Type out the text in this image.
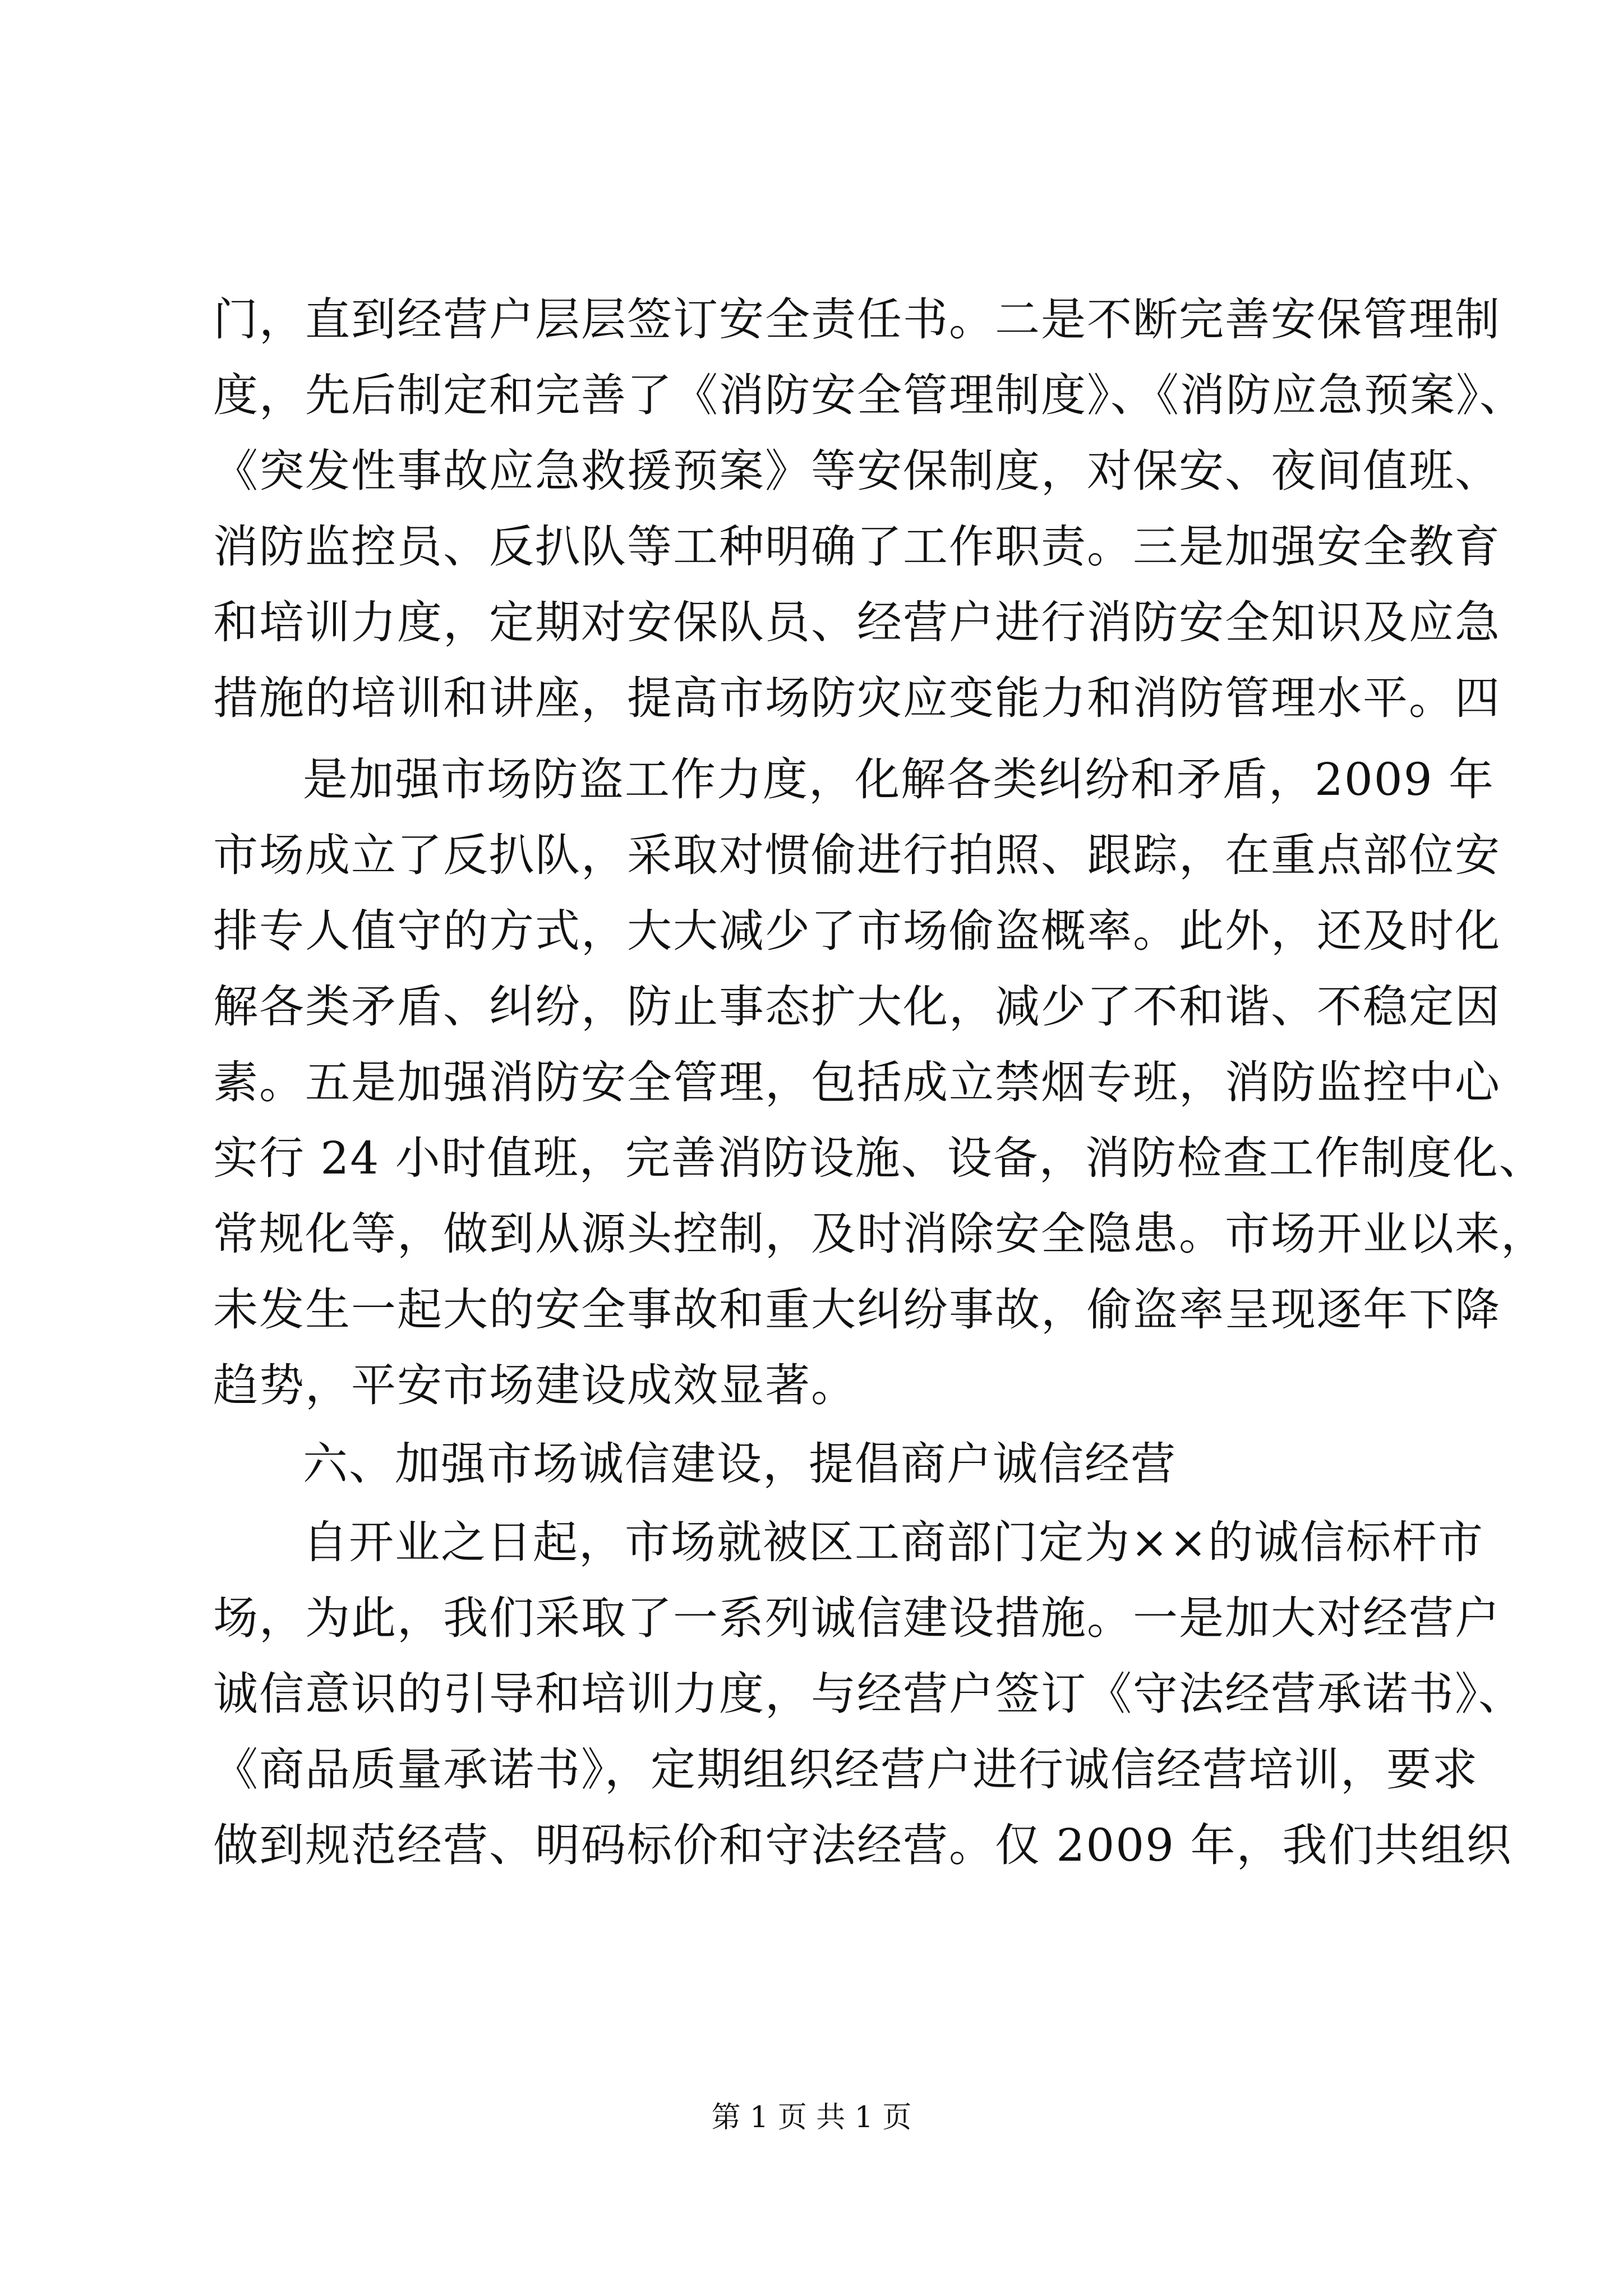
门，直到经营户层层签订安全责任书。二是不断完善安保管理制
度，先后制定和完善了《消防安全管理制度》、《消防应急预案》、
《突发性事故应急救援预案》等安保制度，对保安、夜间值班、
消防监控员、反扒队等工种明确了工作职责。三是加强安全教育
和培训力度，定期对安保队员、经营户进行消防安全知识及应急
措施的培训和讲座，提高市场防灾应变能力和消防管理水平。四
是加强市场防盗工作力度，化解各类纠纷和矛盾，2009 年
市场成立了反扒队，采取对惯偷进行拍照、跟踪，在重点部位安
排专人值守的方式，大大减少了市场偷盗概率。此外，还及时化
解各类矛盾、纠纷，防止事态扩大化，减少了不和谐、不稳定因
素。五是加强消防安全管理，包括成立禁烟专班，消防监控中心
实行 24 小时值班，完善消防设施、设备，消防检查工作制度化、
常规化等，做到从源头控制，及时消除安全隐患。市场开业以来，
未发生一起大的安全事故和重大纠纷事故，偷盗率呈现逐年下降
趋势，平安市场建设成效显著。
六、加强市场诚信建设，提倡商户诚信经营
自开业之日起，市场就被区工商部门定为××的诚信标杆市
场，为此，我们采取了一系列诚信建设措施。一是加大对经营户
诚信意识的引导和培训力度，与经营户签订《守法经营承诺书》、
《商品质量承诺书》，定期组织经营户进行诚信经营培训，要求
做到规范经营、明码标价和守法经营。仅 2009 年，我们共组织
第 1 页 共 1 页
